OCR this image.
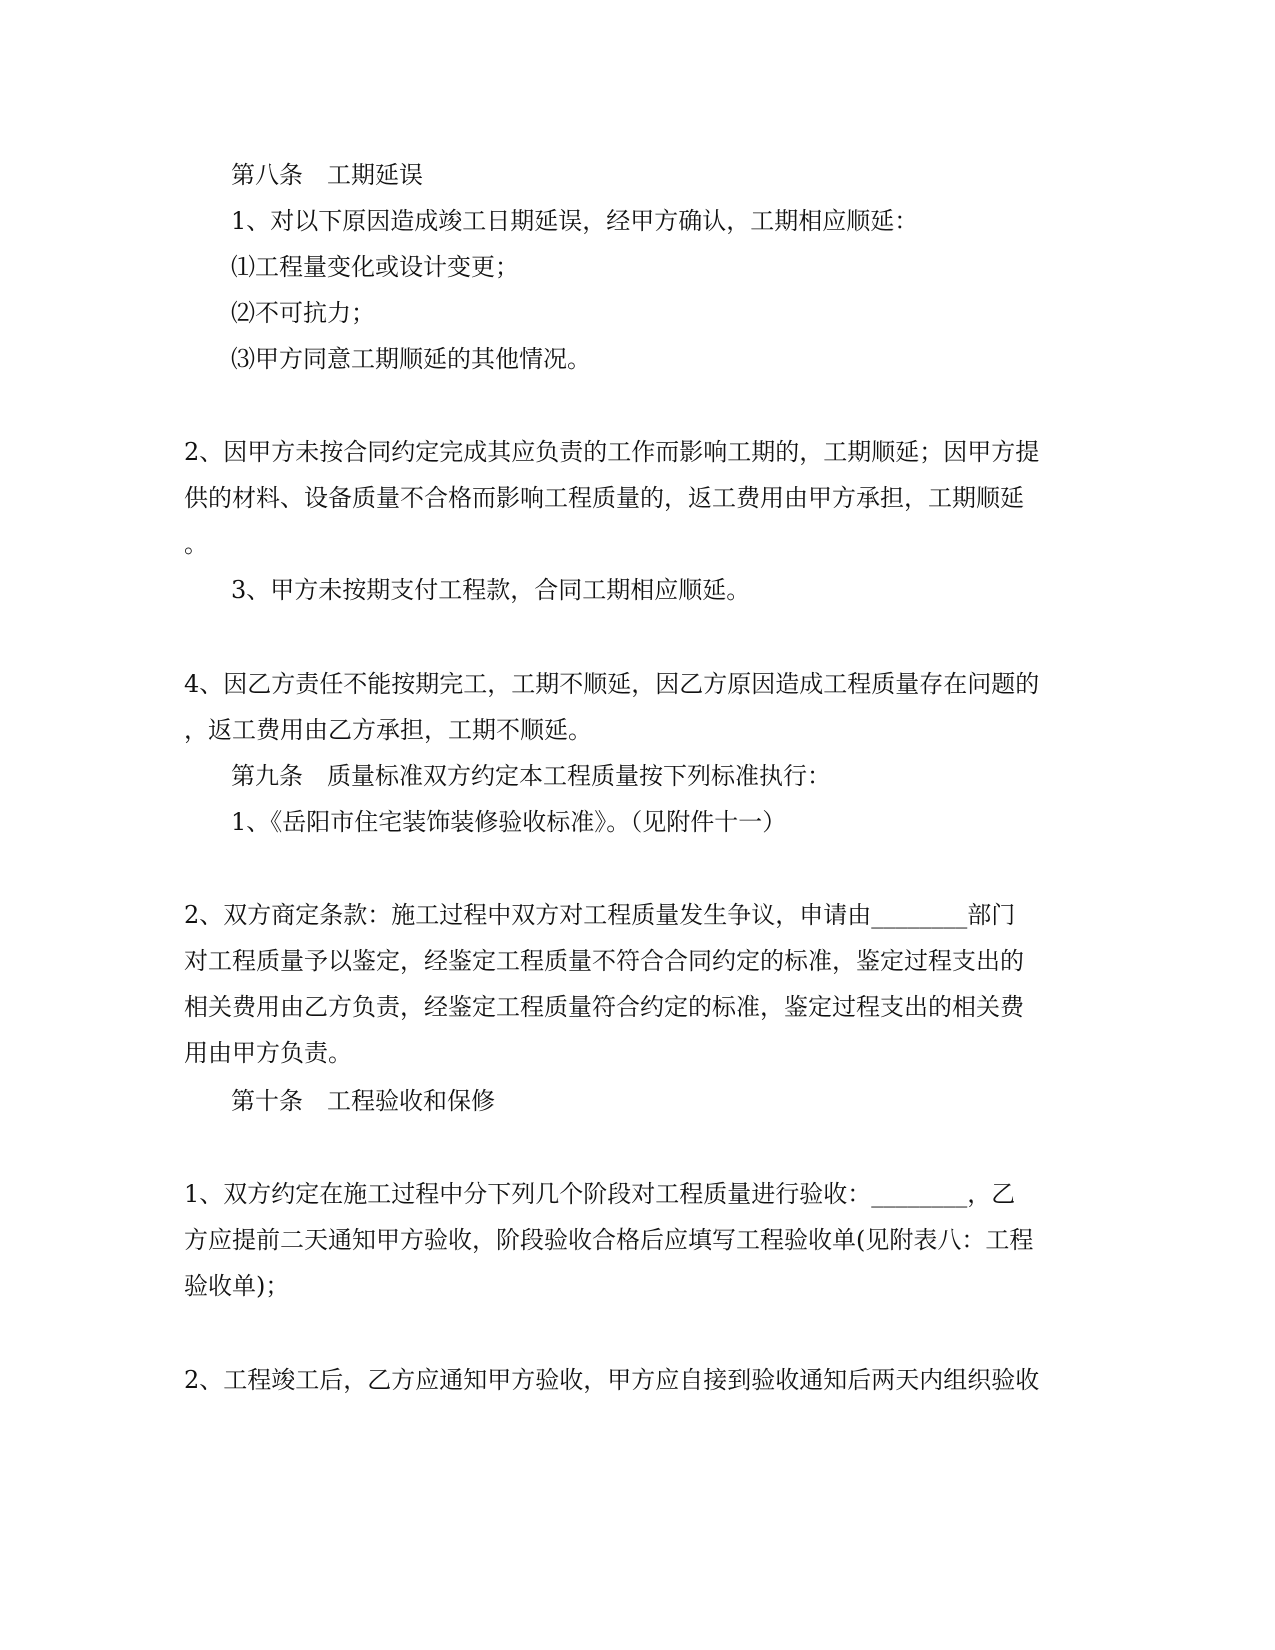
第八条　工期延误
1、对以下原因造成竣工日期延误，经甲方确认，工期相应顺延：
⑴工程量变化或设计变更；
⑵不可抗力；
⑶甲方同意工期顺延的其他情况。
2、因甲方未按合同约定完成其应负责的工作而影响工期的，工期顺延；因甲方提
供的材料、设备质量不合格而影响工程质量的，返工费用由甲方承担，工期顺延
。
3、甲方未按期支付工程款，合同工期相应顺延。
4、因乙方责任不能按期完工，工期不顺延，因乙方原因造成工程质量存在问题的
，返工费用由乙方承担，工期不顺延。
第九条　质量标准双方约定本工程质量按下列标准执行：
1、《岳阳市住宅装饰装修验收标准》。（见附件十一）
2、双方商定条款：施工过程中双方对工程质量发生争议，申请由________部门
对工程质量予以鉴定，经鉴定工程质量不符合合同约定的标准，鉴定过程支出的
相关费用由乙方负责，经鉴定工程质量符合约定的标准，鉴定过程支出的相关费
用由甲方负责。
第十条　工程验收和保修
1、双方约定在施工过程中分下列几个阶段对工程质量进行验收：________，乙
方应提前二天通知甲方验收，阶段验收合格后应填写工程验收单(见附表八：工程
验收单)；
2、工程竣工后，乙方应通知甲方验收，甲方应自接到验收通知后两天内组织验收
